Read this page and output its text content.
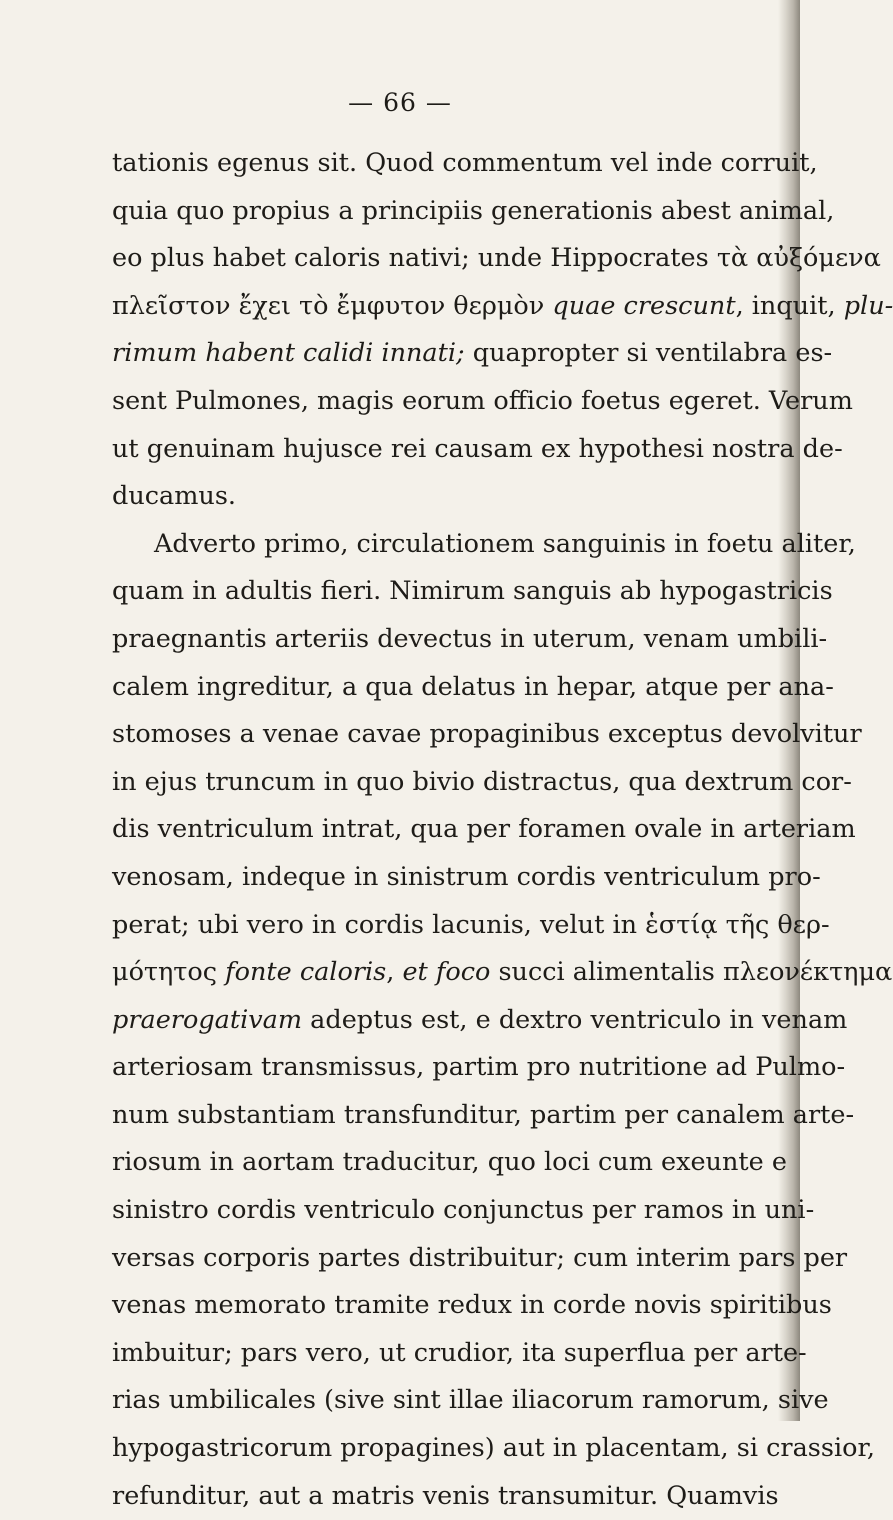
— 66 —
tationis egenus sit. Quod commentum vel inde corruit,
quia quo propius a principiis generationis abest animal,
eo plus habet caloris nativi; unde Hippocrates τὰ αὐξόμενα
πλεῖστον ἔχει τὸ ἔμφυτον θερμὸν quae crescunt, inquit, plu-
rimum habent calidi innati; quapropter si ventilabra es-
sent Pulmones, magis eorum officio foetus egeret. Verum
ut genuinam hujusce rei causam ex hypothesi nostra de-
ducamus.
Adverto primo, circulationem sanguinis in foetu aliter,
quam in adultis fieri. Nimirum sanguis ab hypogastricis
praegnantis arteriis devectus in uterum, venam umbili-
calem ingreditur, a qua delatus in hepar, atque per ana-
stomoses a venae cavae propaginibus exceptus devolvitur
in ejus truncum in quo bivio distractus, qua dextrum cor-
dis ventriculum intrat, qua per foramen ovale in arteriam
venosam, indeque in sinistrum cordis ventriculum pro-
perat; ubi vero in cordis lacunis, velut in ἑστίᾳ τῆς θερ-
μότητος fonte caloris, et foco succi alimentalis πλεονέκτημα
praerogativam adeptus est, e dextro ventriculo in venam
arteriosam transmissus, partim pro nutritione ad Pulmo-
num substantiam transfunditur, partim per canalem arte-
riosum in aortam traducitur, quo loci cum exeunte e
sinistro cordis ventriculo conjunctus per ramos in uni-
versas corporis partes distribuitur; cum interim pars per
venas memorato tramite redux in corde novis spiritibus
imbuitur; pars vero, ut crudior, ita superflua per arte-
rias umbilicales (sive sint illae iliacorum ramorum, sive
hypogastricorum propagines) aut in placentam, si crassior,
refunditur, aut a matris venis transumitur. Quamvis
